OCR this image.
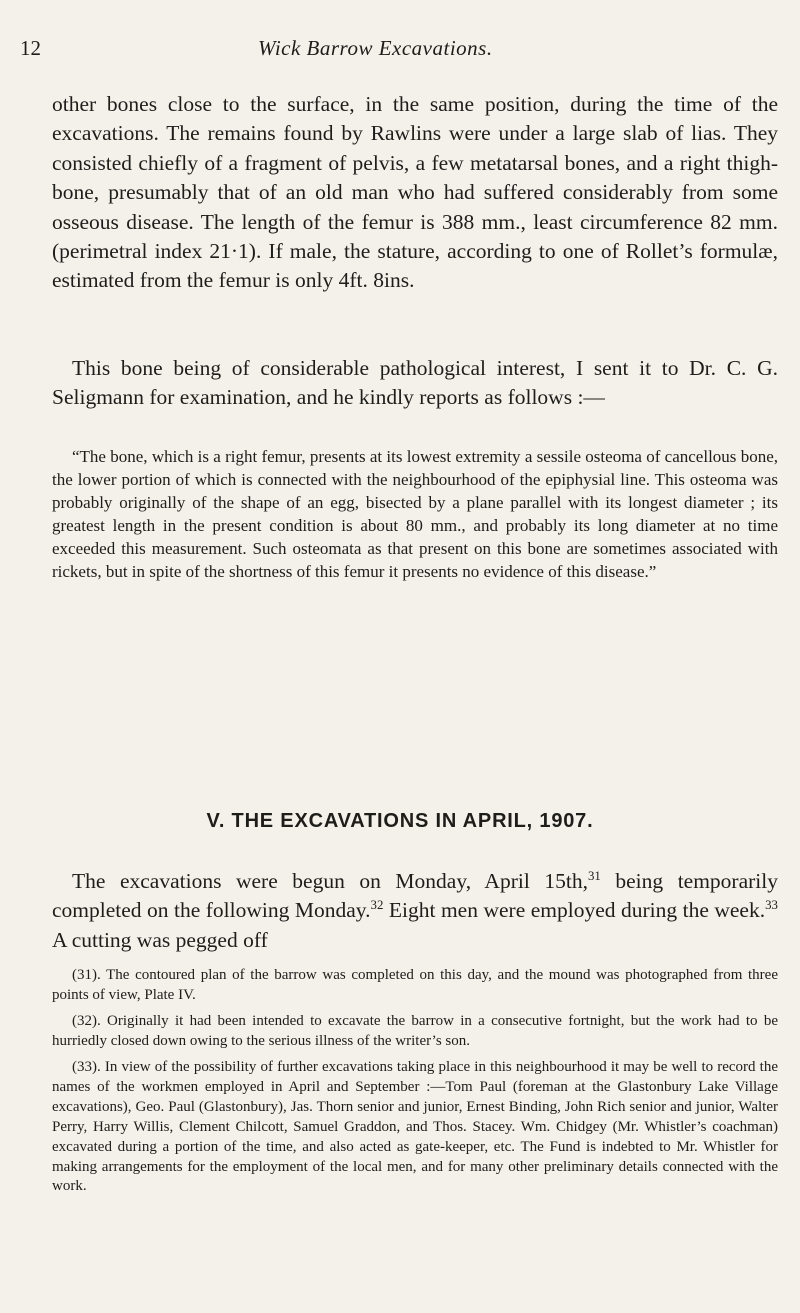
12	Wick Barrow Excavations.

other bones close to the surface, in the same position, during the time of the excavations. The remains found by Rawlins were under a large slab of lias. They consisted chiefly of a fragment of pelvis, a few metatarsal bones, and a right thigh-bone, presumably that of an old man who had suffered considerably from some osseous disease. The length of the femur is 388 mm., least circumference 82 mm. (perimetral index 21·1). If male, the stature, according to one of Rollet’s formulæ, estimated from the femur is only 4ft. 8ins.

This bone being of considerable pathological interest, I sent it to Dr. C. G. Seligmann for examination, and he kindly reports as follows :—

“The bone, which is a right femur, presents at its lowest extremity a sessile osteoma of cancellous bone, the lower portion of which is connected with the neighbourhood of the epiphysial line. This osteoma was probably originally of the shape of an egg, bisected by a plane parallel with its longest diameter ; its greatest length in the present condition is about 80 mm., and probably its long diameter at no time exceeded this measurement. Such osteomata as that present on this bone are sometimes associated with rickets, but in spite of the shortness of this femur it presents no evidence of this disease.”

V. THE EXCAVATIONS IN APRIL, 1907.

The excavations were begun on Monday, April 15th,$^{31}$ being temporarily completed on the following Monday.$^{32}$ Eight men were employed during the week.$^{33}$ A cutting was pegged off

(31). The contoured plan of the barrow was completed on this day, and the mound was photographed from three points of view, Plate IV.

(32). Originally it had been intended to excavate the barrow in a consecutive fortnight, but the work had to be hurriedly closed down owing to the serious illness of the writer’s son.

(33). In view of the possibility of further excavations taking place in this neighbourhood it may be well to record the names of the workmen employed in April and September :—Tom Paul (foreman at the Glastonbury Lake Village excavations), Geo. Paul (Glastonbury), Jas. Thorn senior and junior, Ernest Binding, John Rich senior and junior, Walter Perry, Harry Willis, Clement Chilcott, Samuel Graddon, and Thos. Stacey. Wm. Chidgey (Mr. Whistler’s coachman) excavated during a portion of the time, and also acted as gate-keeper, etc. The Fund is indebted to Mr. Whistler for making arrangements for the employment of the local men, and for many other preliminary details connected with the work.
